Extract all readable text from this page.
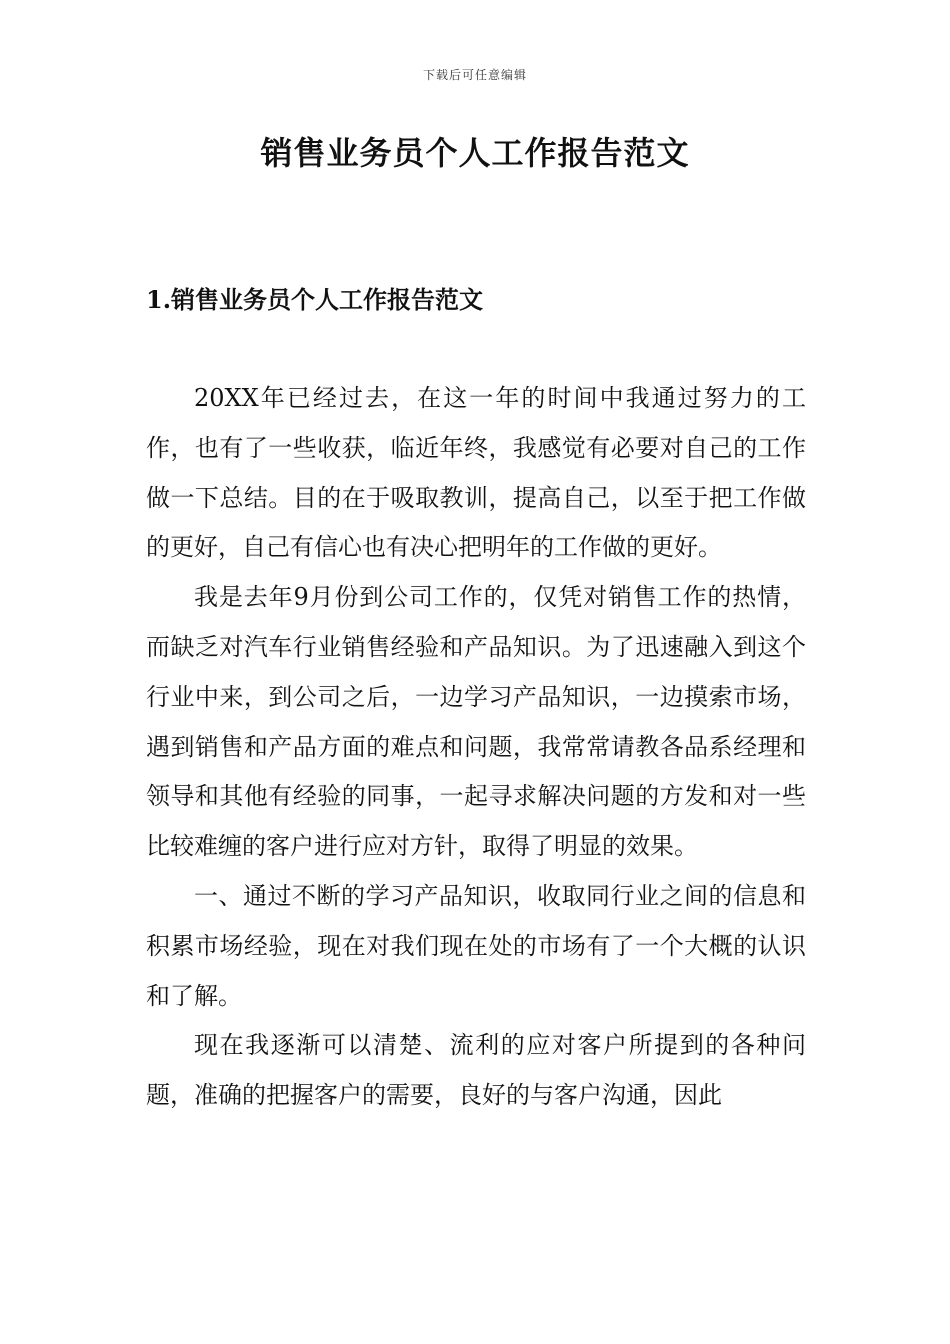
下载后可任意编辑
销售业务员个人工作报告范文
1.销售业务员个人工作报告范文

20XX年已经过去，在这一年的时间中我通过努力的工作，也有了一些收获，临近年终，我感觉有必要对自己的工作做一下总结。目的在于吸取教训，提高自己，以至于把工作做的更好，自己有信心也有决心把明年的工作做的更好。

我是去年9月份到公司工作的，仅凭对销售工作的热情，而缺乏对汽车行业销售经验和产品知识。为了迅速融入到这个行业中来，到公司之后，一边学习产品知识，一边摸索市场，遇到销售和产品方面的难点和问题，我常常请教各品系经理和领导和其他有经验的同事，一起寻求解决问题的方发和对一些比较难缠的客户进行应对方针，取得了明显的效果。

一、通过不断的学习产品知识，收取同行业之间的信息和积累市场经验，现在对我们现在处的市场有了一个大概的认识和了解。

现在我逐渐可以清楚、流利的应对客户所提到的各种问题，准确的把握客户的需要，良好的与客户沟通，因此
